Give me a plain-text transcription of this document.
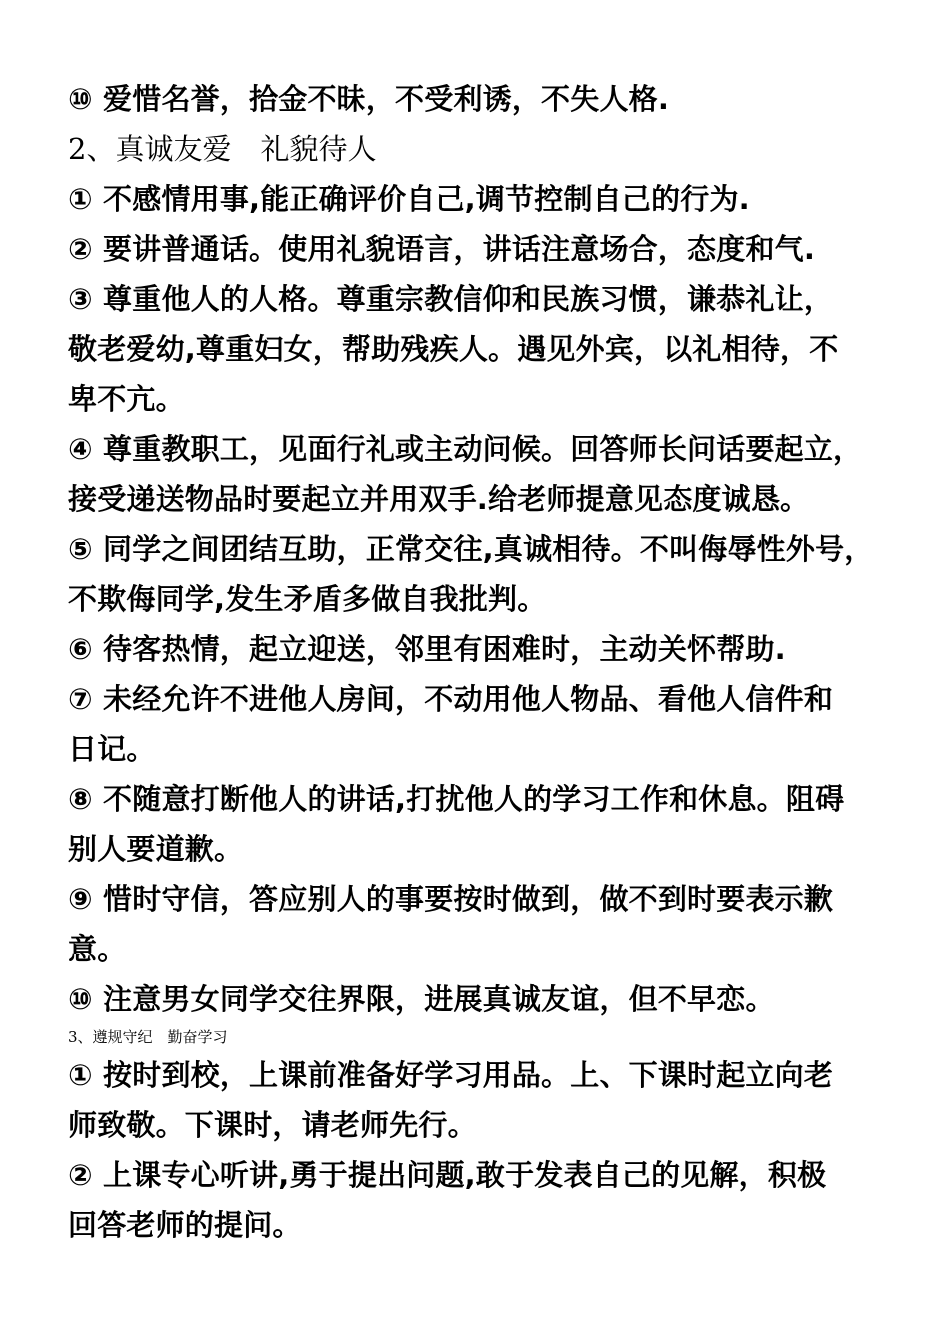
⑩ 爱惜名誉，拾金不昧，不受利诱，不失人格.
2、真诚友爱　礼貌待人
① 不感情用事,能正确评价自己,调节控制自己的行为.
② 要讲普通话。使用礼貌语言，讲话注意场合，态度和气.
③ 尊重他人的人格。尊重宗教信仰和民族习惯，谦恭礼让，
敬老爱幼,尊重妇女，帮助残疾人。遇见外宾，以礼相待，不
卑不亢。
④ 尊重教职工，见面行礼或主动问候。回答师长问话要起立，
接受递送物品时要起立并用双手.给老师提意见态度诚恳。
⑤ 同学之间团结互助，正常交往,真诚相待。不叫侮辱性外号，
不欺侮同学,发生矛盾多做自我批判。
⑥ 待客热情，起立迎送，邻里有困难时，主动关怀帮助.
⑦ 未经允许不进他人房间，不动用他人物品、看他人信件和
日记。
⑧ 不随意打断他人的讲话,打扰他人的学习工作和休息。阻碍
别人要道歉。
⑨ 惜时守信，答应别人的事要按时做到，做不到时要表示歉
意。
⑩ 注意男女同学交往界限，进展真诚友谊，但不早恋。
3、遵规守纪　勤奋学习
① 按时到校，上课前准备好学习用品。上、下课时起立向老
师致敬。下课时，请老师先行。
② 上课专心听讲,勇于提出问题,敢于发表自己的见解，积极
回答老师的提问。
